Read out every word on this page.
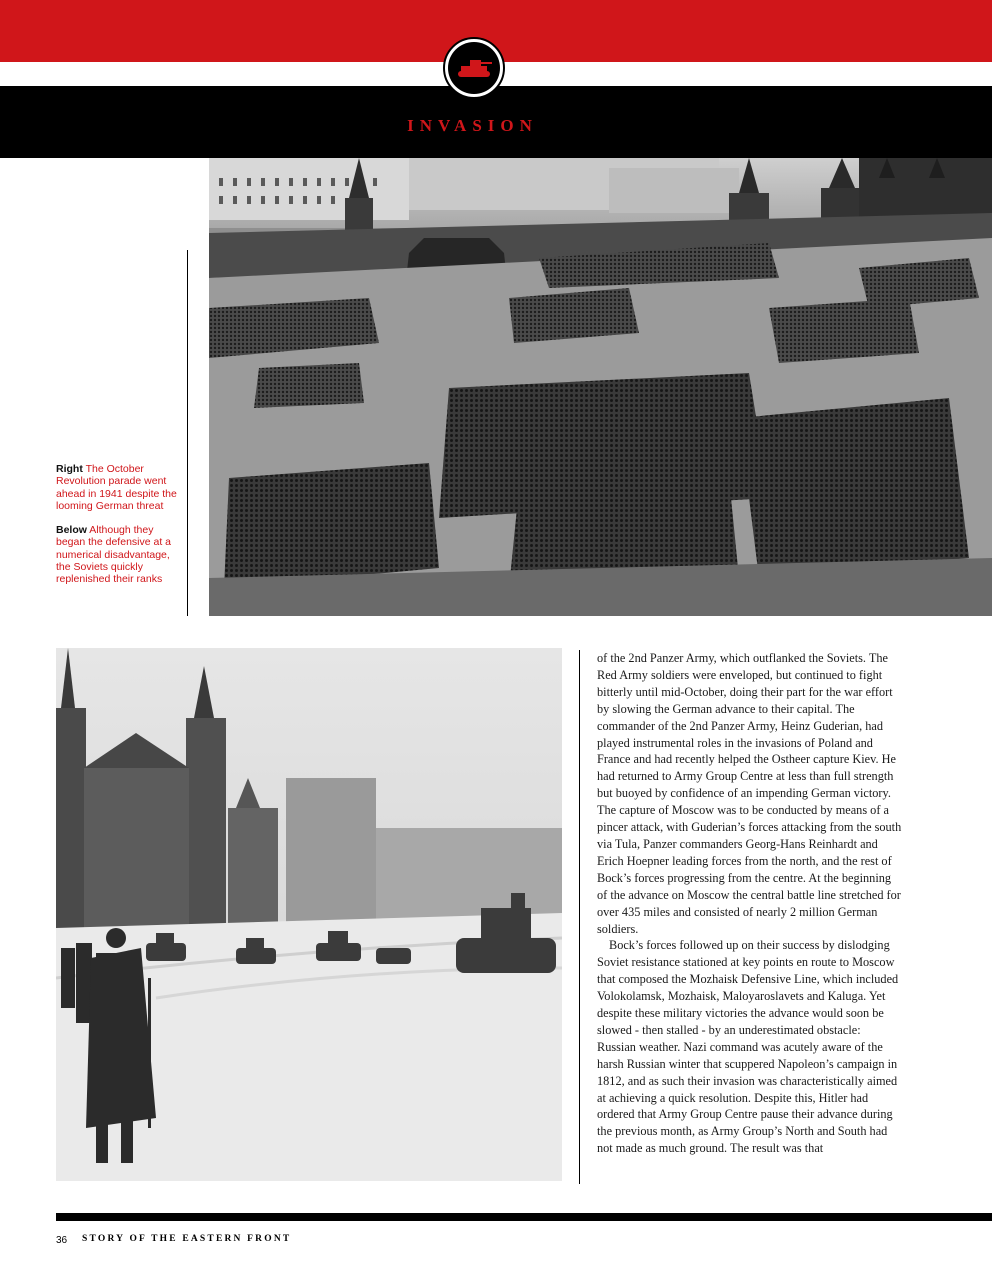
INVASION

Right The October Revolution parade went ahead in 1941 despite the looming German threat

Below Although they began the defensive at a numerical disadvantage, the Soviets quickly replenished their ranks

of the 2nd Panzer Army, which outflanked the Soviets. The Red Army soldiers were enveloped, but continued to fight bitterly until mid-October, doing their part for the war effort by slowing the German advance to their capital. The commander of the 2nd Panzer Army, Heinz Guderian, had played instrumental roles in the invasions of Poland and France and had recently helped the Ostheer capture Kiev. He had returned to Army Group Centre at less than full strength but buoyed by confidence of an impending German victory. The capture of Moscow was to be conducted by means of a pincer attack, with Guderian’s forces attacking from the south via Tula, Panzer commanders Georg-Hans Reinhardt and Erich Hoepner leading forces from the north, and the rest of Bock’s forces progressing from the centre. At the beginning of the advance on Moscow the central battle line stretched for over 435 miles and consisted of nearly 2 million German soldiers.

Bock’s forces followed up on their success by dislodging Soviet resistance stationed at key points en route to Moscow that composed the Mozhaisk Defensive Line, which included Volokolamsk, Mozhaisk, Maloyaroslavets and Kaluga. Yet despite these military victories the advance would soon be slowed - then stalled - by an underestimated obstacle: Russian weather. Nazi command was acutely aware of the harsh Russian winter that scuppered Napoleon’s campaign in 1812, and as such their invasion was characteristically aimed at achieving a quick resolution. Despite this, Hitler had ordered that Army Group Centre pause their advance during the previous month, as Army Group’s North and South had not made as much ground. The result was that

36 STORY OF THE EASTERN FRONT
